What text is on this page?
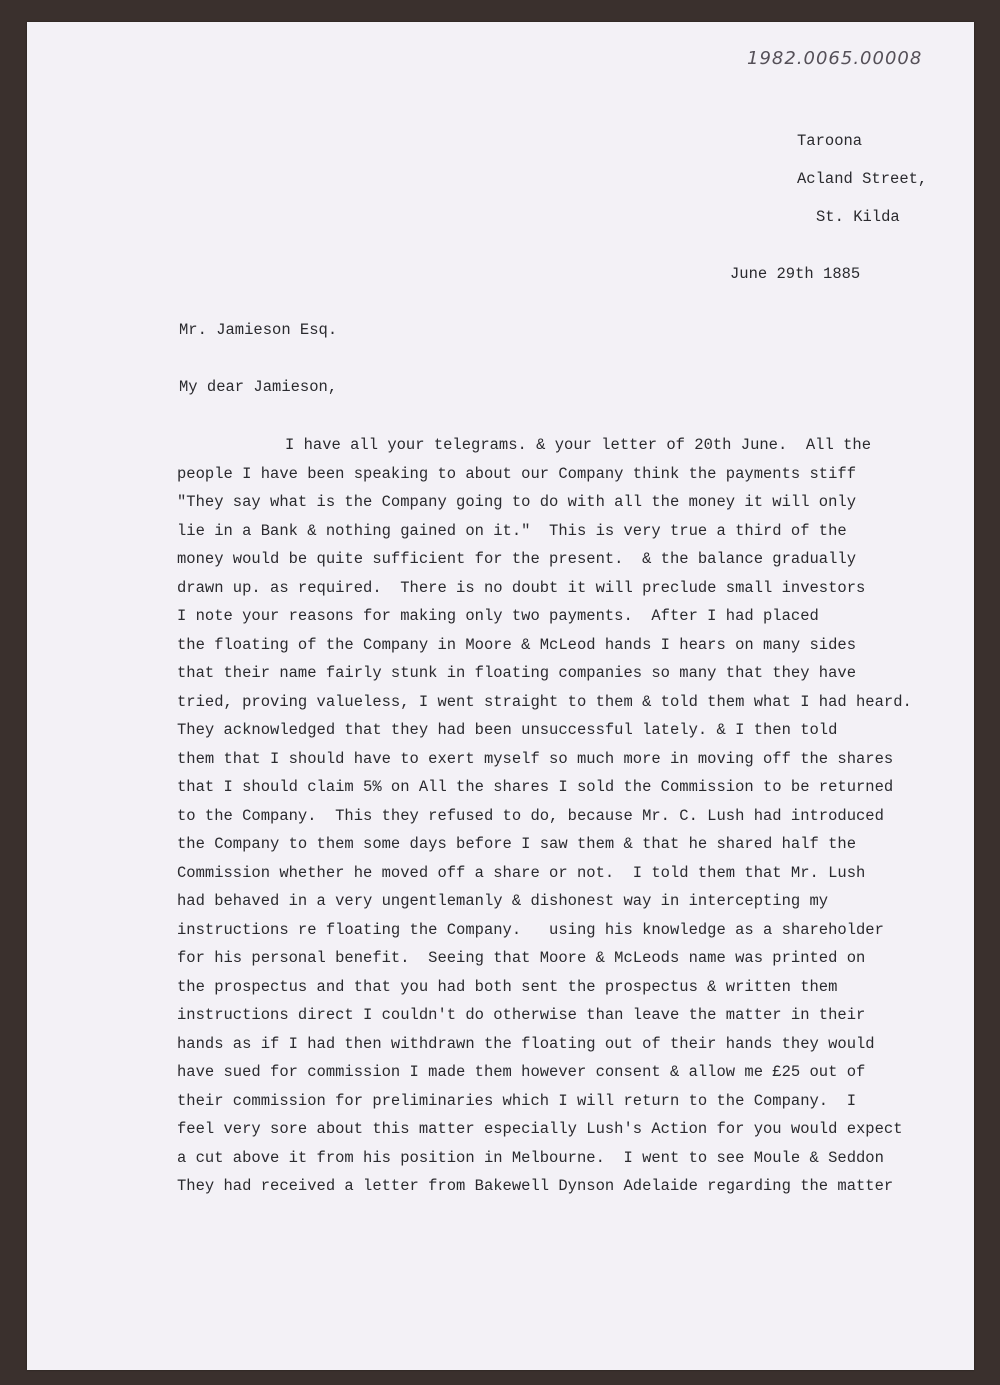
1982.0065.00008
Taroona
Acland Street,
St. Kilda
June 29th 1885
Mr. Jamieson Esq.
My dear Jamieson,
I have all your telegrams. & your letter of 20th June.  All the
people I have been speaking to about our Company think the payments stiff
"They say what is the Company going to do with all the money it will only
lie in a Bank & nothing gained on it."  This is very true a third of the
money would be quite sufficient for the present.  & the balance gradually
drawn up. as required.  There is no doubt it will preclude small investors
I note your reasons for making only two payments.  After I had placed
the floating of the Company in Moore & McLeod hands I hears on many sides
that their name fairly stunk in floating companies so many that they have
tried, proving valueless, I went straight to them & told them what I had heard.
They acknowledged that they had been unsuccessful lately. & I then told
them that I should have to exert myself so much more in moving off the shares
that I should claim 5% on All the shares I sold the Commission to be returned
to the Company.  This they refused to do, because Mr. C. Lush had introduced
the Company to them some days before I saw them & that he shared half the
Commission whether he moved off a share or not.  I told them that Mr. Lush
had behaved in a very ungentlemanly & dishonest way in intercepting my
instructions re floating the Company.   using his knowledge as a shareholder
for his personal benefit.  Seeing that Moore & McLeods name was printed on
the prospectus and that you had both sent the prospectus & written them
instructions direct I couldn't do otherwise than leave the matter in their
hands as if I had then withdrawn the floating out of their hands they would
have sued for commission I made them however consent & allow me £25 out of
their commission for preliminaries which I will return to the Company.  I
feel very sore about this matter especially Lush's Action for you would expect
a cut above it from his position in Melbourne.  I went to see Moule & Seddon
They had received a letter from Bakewell Dynson Adelaide regarding the matter
